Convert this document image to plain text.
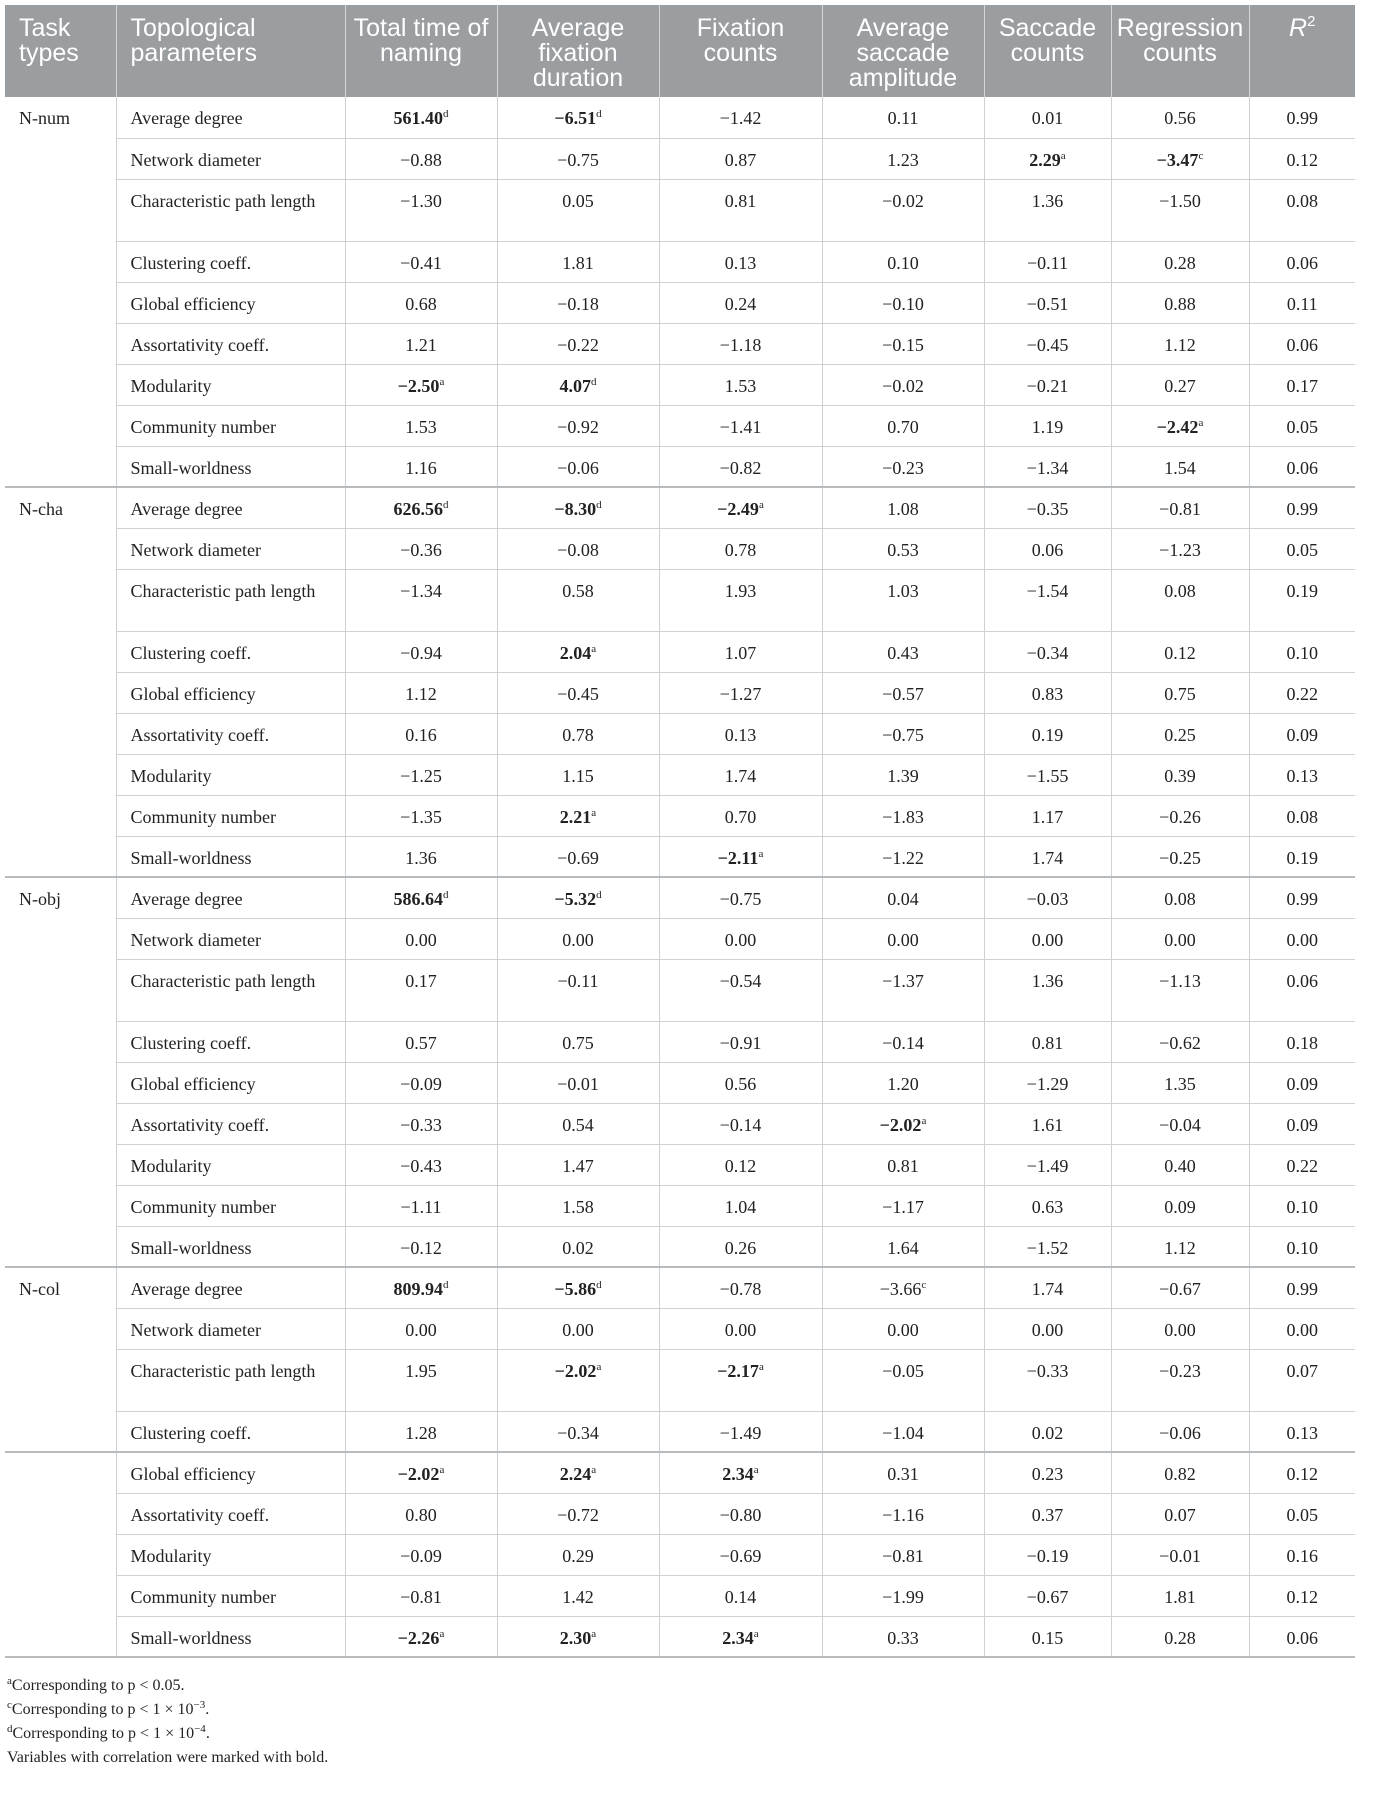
Task types	Topological parameters	Total time of naming	Average fixation duration	Fixation counts	Average saccade amplitude	Saccade counts	Regression counts	$R^2$
N-num	Average degree	561.40$^d$	−6.51$^d$	−1.42	0.11	0.01	0.56	0.99
	Network diameter	−0.88	−0.75	0.87	1.23	2.29$^a$	−3.47$^c$	0.12
	Characteristic path length	−1.30	0.05	0.81	−0.02	1.36	−1.50	0.08
	Clustering coeff.	−0.41	1.81	0.13	0.10	−0.11	0.28	0.06
	Global efficiency	0.68	−0.18	0.24	−0.10	−0.51	0.88	0.11
	Assortativity coeff.	1.21	−0.22	−1.18	−0.15	−0.45	1.12	0.06
	Modularity	−2.50$^a$	4.07$^d$	1.53	−0.02	−0.21	0.27	0.17
	Community number	1.53	−0.92	−1.41	0.70	1.19	−2.42$^a$	0.05
	Small-worldness	1.16	−0.06	−0.82	−0.23	−1.34	1.54	0.06
N-cha	Average degree	626.56$^d$	−8.30$^d$	−2.49$^a$	1.08	−0.35	−0.81	0.99
	Network diameter	−0.36	−0.08	0.78	0.53	0.06	−1.23	0.05
	Characteristic path length	−1.34	0.58	1.93	1.03	−1.54	0.08	0.19
	Clustering coeff.	−0.94	2.04$^a$	1.07	0.43	−0.34	0.12	0.10
	Global efficiency	1.12	−0.45	−1.27	−0.57	0.83	0.75	0.22
	Assortativity coeff.	0.16	0.78	0.13	−0.75	0.19	0.25	0.09
	Modularity	−1.25	1.15	1.74	1.39	−1.55	0.39	0.13
	Community number	−1.35	2.21$^a$	0.70	−1.83	1.17	−0.26	0.08
	Small-worldness	1.36	−0.69	−2.11$^a$	−1.22	1.74	−0.25	0.19
N-obj	Average degree	586.64$^d$	−5.32$^d$	−0.75	0.04	−0.03	0.08	0.99
	Network diameter	0.00	0.00	0.00	0.00	0.00	0.00	0.00
	Characteristic path length	0.17	−0.11	−0.54	−1.37	1.36	−1.13	0.06
	Clustering coeff.	0.57	0.75	−0.91	−0.14	0.81	−0.62	0.18
	Global efficiency	−0.09	−0.01	0.56	1.20	−1.29	1.35	0.09
	Assortativity coeff.	−0.33	0.54	−0.14	−2.02$^a$	1.61	−0.04	0.09
	Modularity	−0.43	1.47	0.12	0.81	−1.49	0.40	0.22
	Community number	−1.11	1.58	1.04	−1.17	0.63	0.09	0.10
	Small-worldness	−0.12	0.02	0.26	1.64	−1.52	1.12	0.10
N-col	Average degree	809.94$^d$	−5.86$^d$	−0.78	−3.66$^c$	1.74	−0.67	0.99
	Network diameter	0.00	0.00	0.00	0.00	0.00	0.00	0.00
	Characteristic path length	1.95	−2.02$^a$	−2.17$^a$	−0.05	−0.33	−0.23	0.07
	Clustering coeff.	1.28	−0.34	−1.49	−1.04	0.02	−0.06	0.13
	Global efficiency	−2.02$^a$	2.24$^a$	2.34$^a$	0.31	0.23	0.82	0.12
	Assortativity coeff.	0.80	−0.72	−0.80	−1.16	0.37	0.07	0.05
	Modularity	−0.09	0.29	−0.69	−0.81	−0.19	−0.01	0.16
	Community number	−0.81	1.42	0.14	−1.99	−0.67	1.81	0.12
	Small-worldness	−2.26$^a$	2.30$^a$	2.34$^a$	0.33	0.15	0.28	0.06
$^a$Corresponding to p < 0.05.
$^c$Corresponding to $p < 1 \times 10^{-3}$.
$^d$Corresponding to $p < 1 \times 10^{-4}$.
Variables with correlation were marked with bold.
